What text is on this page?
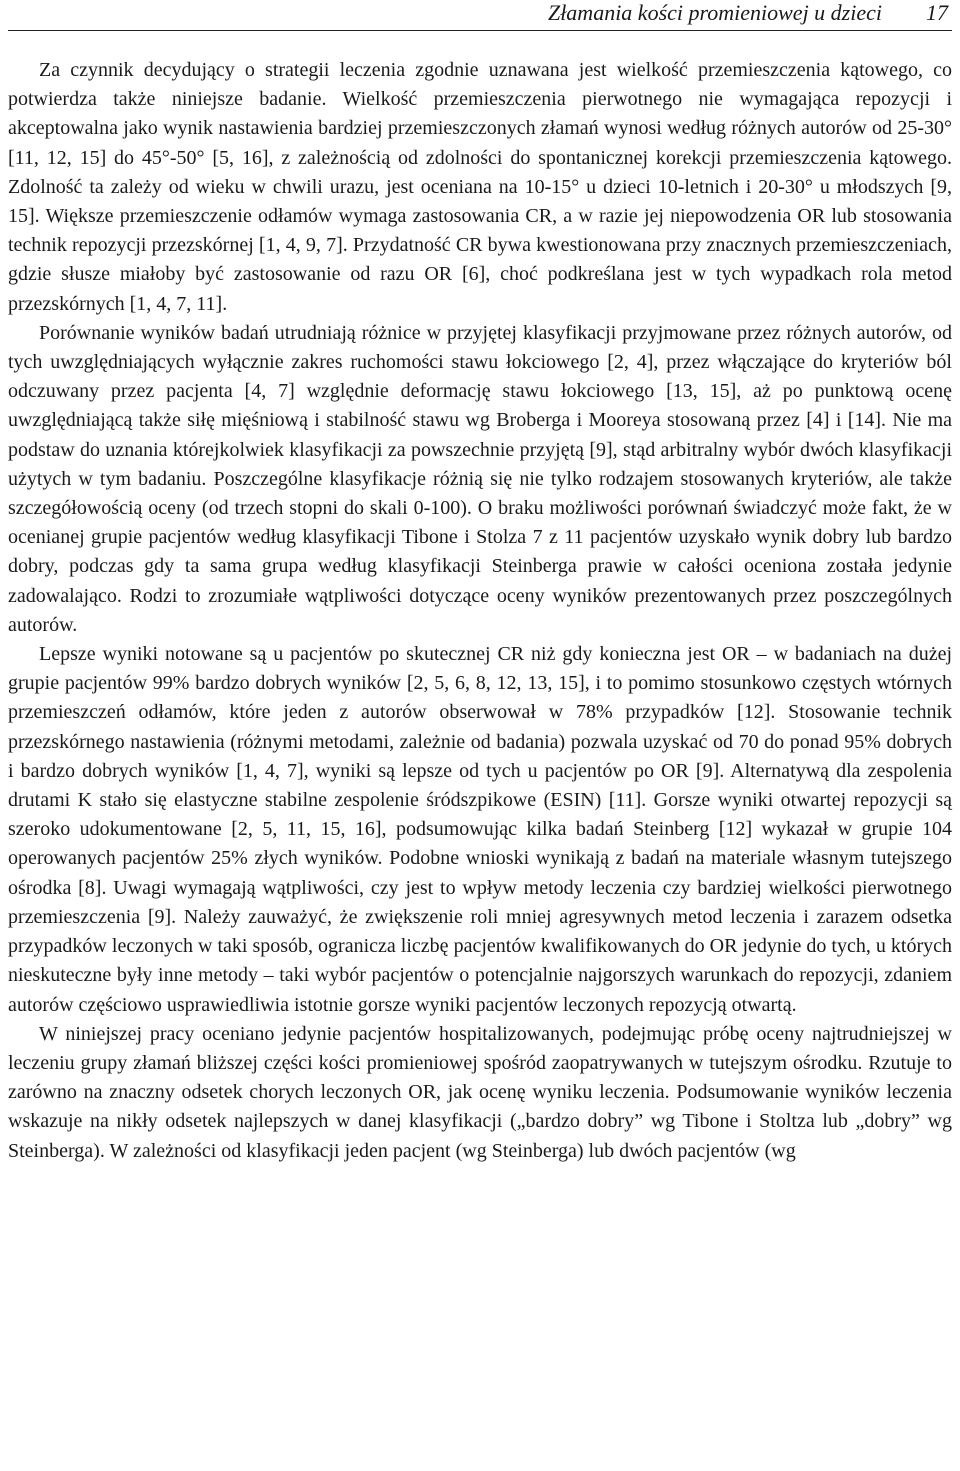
Złamania kości promieniowej u dzieci 17

Za czynnik decydujący o strategii leczenia zgodnie uznawana jest wielkość przemieszczenia kątowego, co potwierdza także niniejsze badanie. Wielkość przemieszczenia pierwotnego nie wymagająca repozycji i akceptowalna jako wynik nastawienia bardziej przemieszczonych złamań wynosi według różnych autorów od 25-30° [11, 12, 15] do 45°-50° [5, 16], z zależnością od zdolności do spontanicznej korekcji przemieszczenia kątowego. Zdolność ta zależy od wieku w chwili urazu, jest oceniana na 10-15° u dzieci 10-letnich i 20-30° u młodszych [9, 15]. Większe przemieszczenie odłamów wymaga zastosowania CR, a w razie jej niepowodzenia OR lub stosowania technik repozycji przezskórnej [1, 4, 9, 7]. Przydatność CR bywa kwestionowana przy znacznych przemieszczeniach, gdzie słusze miałoby być zastosowanie od razu OR [6], choć podkreślana jest w tych wypadkach rola metod przezskórnych [1, 4, 7, 11].

Porównanie wyników badań utrudniają różnice w przyjętej klasyfikacji przyjmowane przez różnych autorów, od tych uwzględniających wyłącznie zakres ruchomości stawu łokciowego [2, 4], przez włączające do kryteriów ból odczuwany przez pacjenta [4, 7] względnie deformację stawu łokciowego [13, 15], aż po punktową ocenę uwzględniającą także siłę mięśniową i stabilność stawu wg Broberga i Mooreya stosowaną przez [4] i [14]. Nie ma podstaw do uznania którejkolwiek klasyfikacji za powszechnie przyjętą [9], stąd arbitralny wybór dwóch klasyfikacji użytych w tym badaniu. Poszczególne klasyfikacje różnią się nie tylko rodzajem stosowanych kryteriów, ale także szczegółowością oceny (od trzech stopni do skali 0-100). O braku możliwości porównań świadczyć może fakt, że w ocenianej grupie pacjentów według klasyfikacji Tibone i Stolza 7 z 11 pacjentów uzyskało wynik dobry lub bardzo dobry, podczas gdy ta sama grupa według klasyfikacji Steinberga prawie w całości oceniona została jedynie zadowalająco. Rodzi to zrozumiałe wątpliwości dotyczące oceny wyników prezentowanych przez poszczególnych autorów.

Lepsze wyniki notowane są u pacjentów po skutecznej CR niż gdy konieczna jest OR – w badaniach na dużej grupie pacjentów 99% bardzo dobrych wyników [2, 5, 6, 8, 12, 13, 15], i to pomimo stosunkowo częstych wtórnych przemieszczeń odłamów, które jeden z autorów obserwował w 78% przypadków [12]. Stosowanie technik przezskórnego nastawienia (różnymi metodami, zależnie od badania) pozwala uzyskać od 70 do ponad 95% dobrych i bardzo dobrych wyników [1, 4, 7], wyniki są lepsze od tych u pacjentów po OR [9]. Alternatywą dla zespolenia drutami K stało się elastyczne stabilne zespolenie śródszpikowe (ESIN) [11]. Gorsze wyniki otwartej repozycji są szeroko udokumentowane [2, 5, 11, 15, 16], podsumowując kilka badań Steinberg [12] wykazał w grupie 104 operowanych pacjentów 25% złych wyników. Podobne wnioski wynikają z badań na materiale własnym tutejszego ośrodka [8]. Uwagi wymagają wątpliwości, czy jest to wpływ metody leczenia czy bardziej wielkości pierwotnego przemieszczenia [9]. Należy zauważyć, że zwiększenie roli mniej agresywnych metod leczenia i zarazem odsetka przypadków leczonych w taki sposób, ogranicza liczbę pacjentów kwalifikowanych do OR jedynie do tych, u których nieskuteczne były inne metody – taki wybór pacjentów o potencjalnie najgorszych warunkach do repozycji, zdaniem autorów częściowo usprawiedliwia istotnie gorsze wyniki pacjentów leczonych repozycją otwartą.

W niniejszej pracy oceniano jedynie pacjentów hospitalizowanych, podejmując próbę oceny najtrudniejszej w leczeniu grupy złamań bliższej części kości promieniowej spośród zaopatrywanych w tutejszym ośrodku. Rzutuje to zarówno na znaczny odsetek chorych leczonych OR, jak ocenę wyniku leczenia. Podsumowanie wyników leczenia wskazuje na nikły odsetek najlepszych w danej klasyfikacji („bardzo dobry” wg Tibone i Stoltza lub „dobry” wg Steinberga). W zależności od klasyfikacji jeden pacjent (wg Steinberga) lub dwóch pacjentów (wg
